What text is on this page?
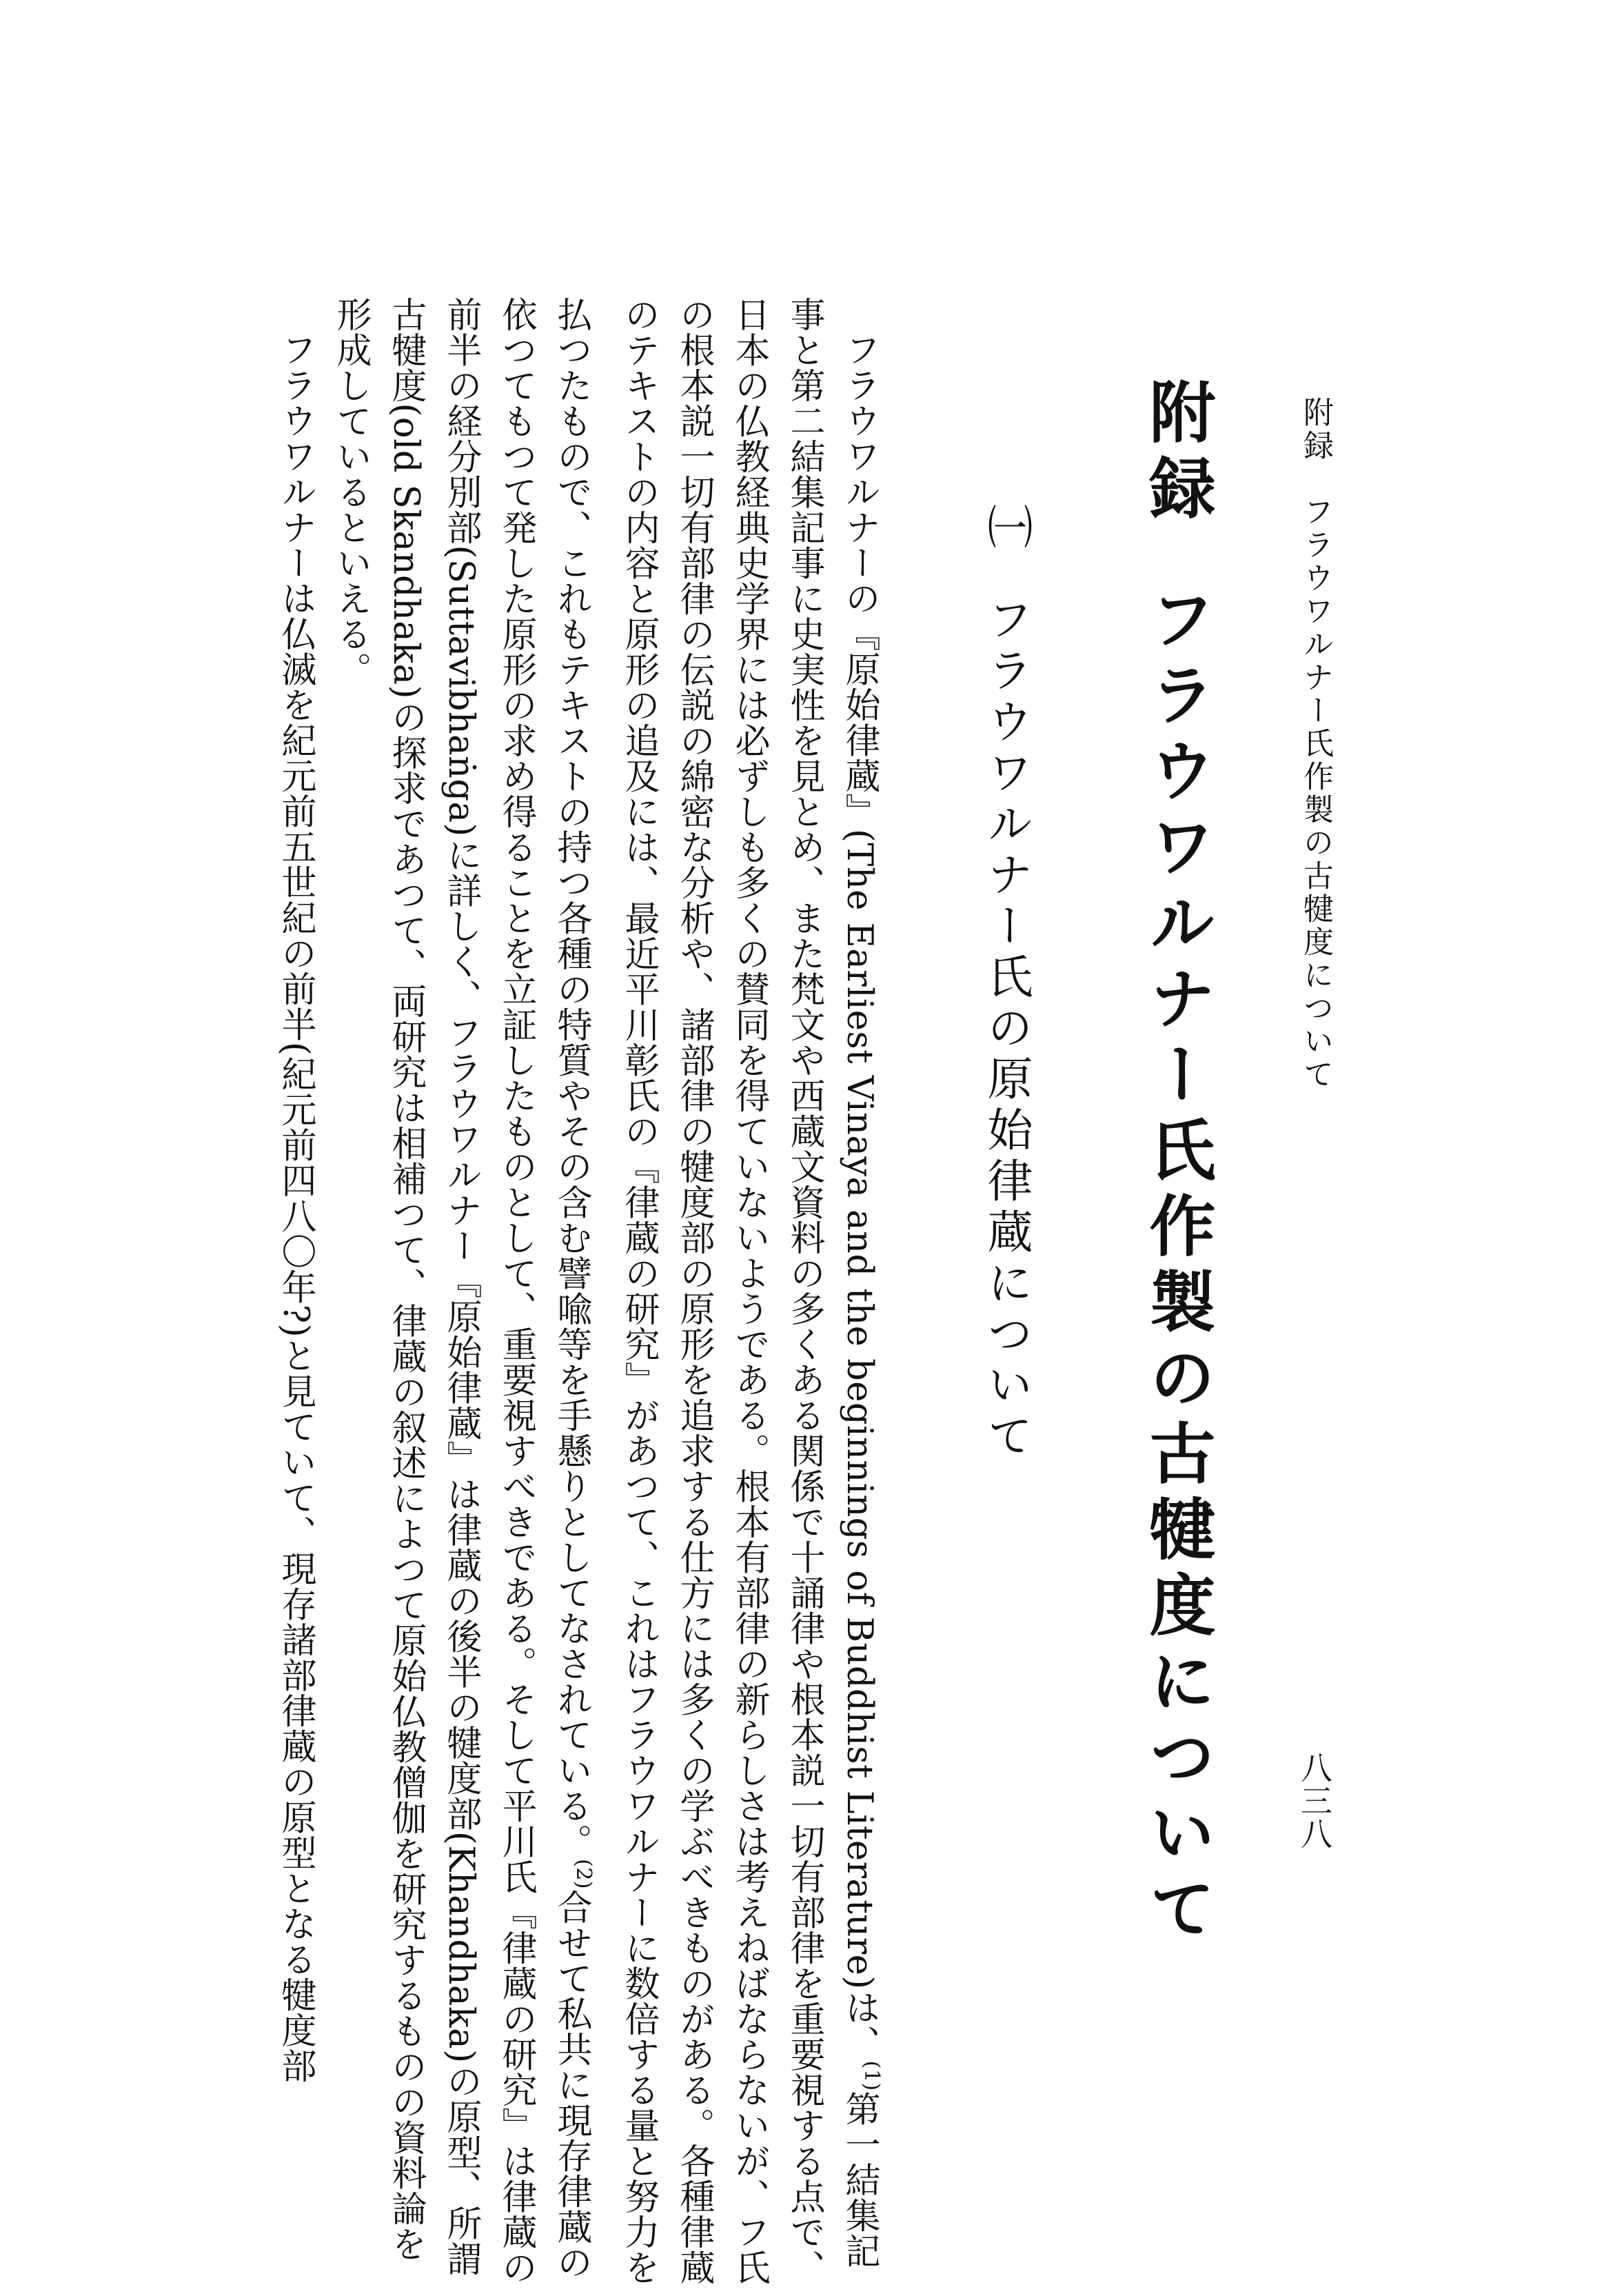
附録　フラウワルナー氏作製の古犍度について
八三八
附録フラウワルナー氏作製の古犍度について
㈠フラウワルナー氏の原始律蔵について

フラウワルナーの『原始律蔵』(The Earliest Vinaya and the beginnings of Buddhist Literature)は、$^{(1)}$第一結集記事と第二結集記事に史実性を見とめ、また梵文や西蔵文資料の多くある関係で十誦律や根本説一切有部律を重要視する点で、日本の仏教経典史学界には必ずしも多くの賛同を得ていないようである。根本有部律の新らしさは考えねばならないが、フ氏の根本説一切有部律の伝説の綿密な分析や、諸部律の犍度部の原形を追求する仕方には多くの学ぶべきものがある。各種律蔵のテキストの内容と原形の追及には、最近平川彰氏の『律蔵の研究』があつて、これはフラウワルナーに数倍する量と努力を払つたもので、これもテキストの持つ各種の特質やその含む譬喩等を手懸りとしてなされている。$^{(2)}$合せて私共に現存律蔵の依つてもつて発した原形の求め得ることを立証したものとして、重要視すべきである。そして平川氏『律蔵の研究』は律蔵の前半の経分別部(Suttavibhaṅga)に詳しく、フラウワルナー『原始律蔵』は律蔵の後半の犍度部(Khandhaka)の原型、所謂古犍度(old Skandhaka)の探求であつて、両研究は相補つて、律蔵の叙述によつて原始仏教僧伽を研究するものの資料論を形成しているといえる。

フラウワルナーは仏滅を紀元前五世紀の前半(紀元前四八〇年?)と見ていて、現存諸部律蔵の原型となる犍度部
